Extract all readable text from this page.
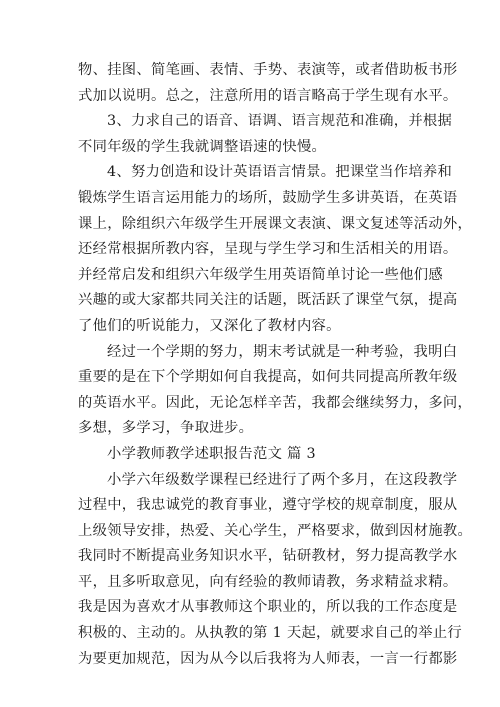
物、挂图、简笔画、表情、手势、表演等，或者借助板书形
式加以说明。总之，注意所用的语言略高于学生现有水平。
3、力求自己的语音、语调、语言规范和准确，并根据
不同年级的学生我就调整语速的快慢。
4、努力创造和设计英语语言情景。把课堂当作培养和
锻炼学生语言运用能力的场所，鼓励学生多讲英语，在英语
课上，除组织六年级学生开展课文表演、课文复述等活动外，
还经常根据所教内容，呈现与学生学习和生活相关的用语。
并经常启发和组织六年级学生用英语简单讨论一些他们感
兴趣的或大家都共同关注的话题，既活跃了课堂气氛，提高
了他们的听说能力，又深化了教材内容。
经过一个学期的努力，期末考试就是一种考验，我明白
重要的是在下个学期如何自我提高，如何共同提高所教年级
的英语水平。因此，无论怎样辛苦，我都会继续努力，多问，
多想，多学习，争取进步。
小学教师教学述职报告范文 篇 3
小学六年级数学课程已经进行了两个多月，在这段教学
过程中，我忠诚党的教育事业，遵守学校的规章制度，服从
上级领导安排，热爱、关心学生，严格要求，做到因材施教。
我同时不断提高业务知识水平，钻研教材，努力提高教学水
平，且多听取意见，向有经验的教师请教，务求精益求精。
我是因为喜欢才从事教师这个职业的，所以我的工作态度是
积极的、主动的。从执教的第 1 天起，就要求自己的举止行
为要更加规范，因为从今以后我将为人师表，一言一行都影
